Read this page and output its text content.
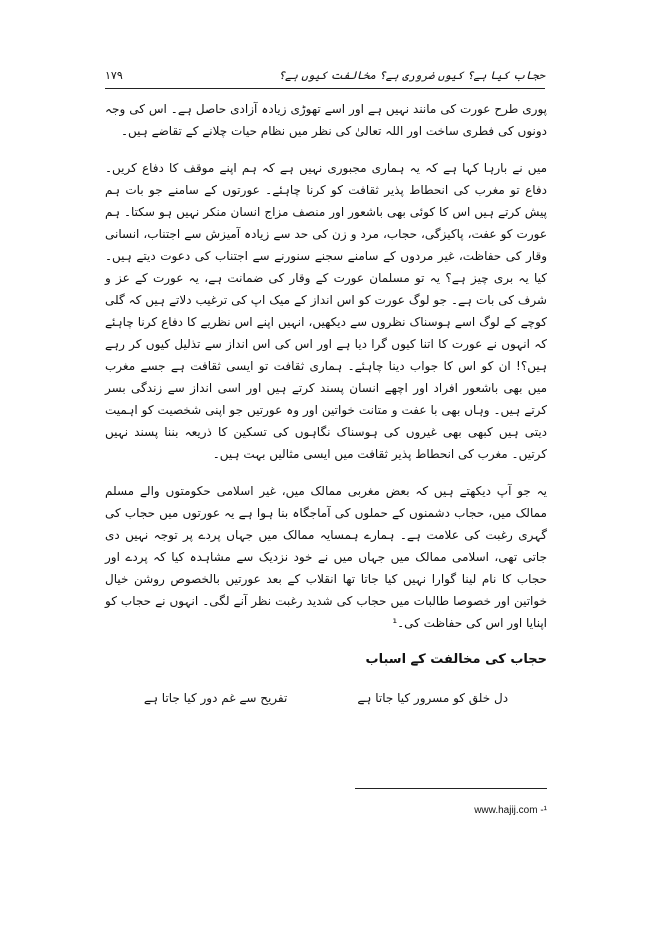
حجاب کیا ہے؟ کیوں ضروری ہے؟ مخالفت کیوں ہے؟
۱۷۹

پوری طرح عورت کی مانند نہیں ہے اور اسے تھوڑی زیادہ آزادی حاصل ہے۔ اس کی وجہ دونوں کی فطری ساخت اور اللہ تعالیٰ کی نظر میں نظام حیات چلانے کے تقاضے ہیں۔

میں نے بارہا کہا ہے کہ یہ ہماری مجبوری نہیں ہے کہ ہم اپنے موقف کا دفاع کریں۔ دفاع تو مغرب کی انحطاط پذیر ثقافت کو کرنا چاہئے۔ عورتوں کے سامنے جو بات ہم پیش کرتے ہیں اس کا کوئی بھی باشعور اور منصف مزاج انسان منکر نہیں ہو سکتا۔ ہم عورت کو عفت، پاکیزگی، حجاب، مرد و زن کی حد سے زیادہ آمیزش سے اجتناب، انسانی وقار کی حفاظت، غیر مردوں کے سامنے سجنے سنورنے سے اجتناب کی دعوت دیتے ہیں۔ کیا یہ بری چیز ہے؟ یہ تو مسلمان عورت کے وقار کی ضمانت ہے، یہ عورت کے عز و شرف کی بات ہے۔ جو لوگ عورت کو اس انداز کے میک اپ کی ترغیب دلاتے ہیں کہ گلی کوچے کے لوگ اسے ہوسناک نظروں سے دیکھیں، انہیں اپنے اس نظریے کا دفاع کرنا چاہئے کہ انہوں نے عورت کا اتنا کیوں گرا دیا ہے اور اس کی اس انداز سے تذلیل کیوں کر رہے ہیں؟! ان کو اس کا جواب دینا چاہئے۔ ہماری ثقافت تو ایسی ثقافت ہے جسے مغرب میں بھی باشعور افراد اور اچھے انسان پسند کرتے ہیں اور اسی انداز سے زندگی بسر کرتے ہیں۔ وہاں بھی با عفت و متانت خواتین اور وہ عورتیں جو اپنی شخصیت کو اہمیت دیتی ہیں کبھی بھی غیروں کی ہوسناک نگاہوں کی تسکین کا ذریعہ بننا پسند نہیں کرتیں۔ مغرب کی انحطاط پذیر ثقافت میں ایسی مثالیں بہت ہیں۔

یہ جو آپ دیکھتے ہیں کہ بعض مغربی ممالک میں، غیر اسلامی حکومتوں والے مسلم ممالک میں، حجاب دشمنوں کے حملوں کی آماجگاہ بنا ہوا ہے یہ عورتوں میں حجاب کی گہری رغبت کی علامت ہے۔ ہمارے ہمسایہ ممالک میں جہاں پردے پر توجہ نہیں دی جاتی تھی، اسلامی ممالک میں جہاں میں نے خود نزدیک سے مشاہدہ کیا کہ پردے اور حجاب کا نام لینا گوارا نہیں کیا جاتا تھا انقلاب کے بعد عورتیں بالخصوص روشن خیال خواتین اور خصوصا طالبات میں حجاب کی شدید رغبت نظر آنے لگی۔ انہوں نے حجاب کو اپنایا اور اس کی حفاظت کی۔¹

حجاب کی مخالفت کے اسباب
دل خلق کو مسرور کیا جاتا ہے
تفریح سے غم دور کیا جاتا ہے
www.hajij.com -¹
